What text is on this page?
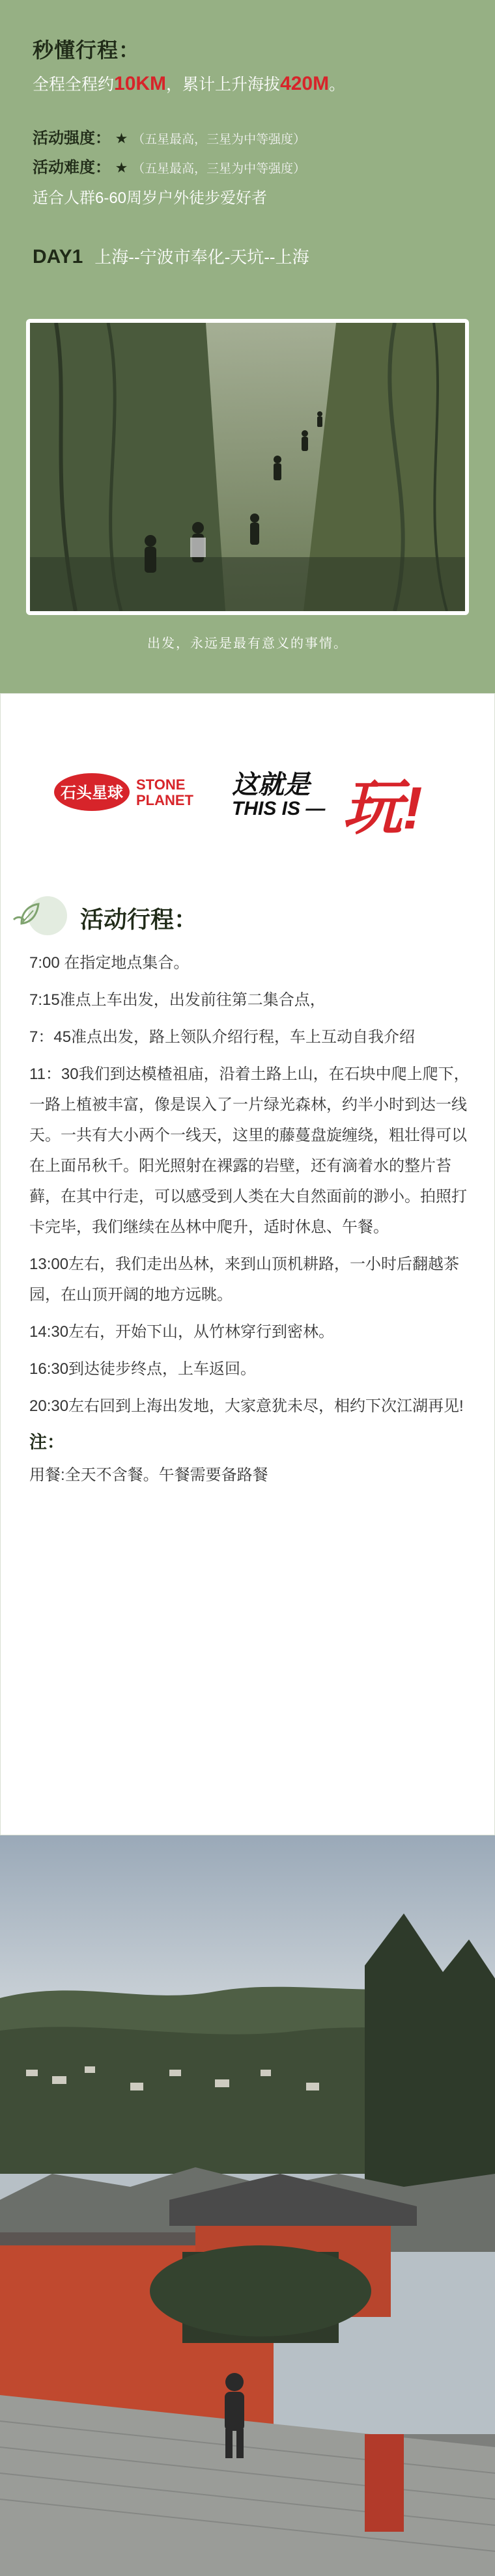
秒懂行程：
全程全程约10KM，累计上升海拔420M。
活动强度： ★ （五星最高，三星为中等强度）
活动难度： ★ （五星最高，三星为中等强度）
适合人群6-60周岁户外徒步爱好者
DAY1 上海--宁波市奉化-天坑--上海
出发，永远是最有意义的事情。
石头星球 STONE
PLANET
这就是
THIS IS — 玩!
活动行程：

7:00 在指定地点集合。

7:15准点上车出发，出发前往第二集合点，

7：45准点出发，路上领队介绍行程，车上互动自我介绍

11：30我们到达模楂祖庙，沿着土路上山，在石块中爬上爬下，一路上植被丰富，像是误入了一片绿光森林，约半小时到达一线天。一共有大小两个一线天，这里的藤蔓盘旋缠绕，粗壮得可以在上面吊秋千。阳光照射在裸露的岩壁，还有滴着水的整片苔藓，在其中行走，可以感受到人类在大自然面前的渺小。拍照打卡完毕，我们继续在丛林中爬升，适时休息、午餐。

13:00左右，我们走出丛林，来到山顶机耕路，一小时后翻越茶园，在山顶开阔的地方远眺。

14:30左右，开始下山，从竹林穿行到密林。

16:30到达徒步终点，上车返回。

20:30左右回到上海出发地，大家意犹未尽，相约下次江湖再见!

注：

用餐:全天不含餐。午餐需要备路餐
